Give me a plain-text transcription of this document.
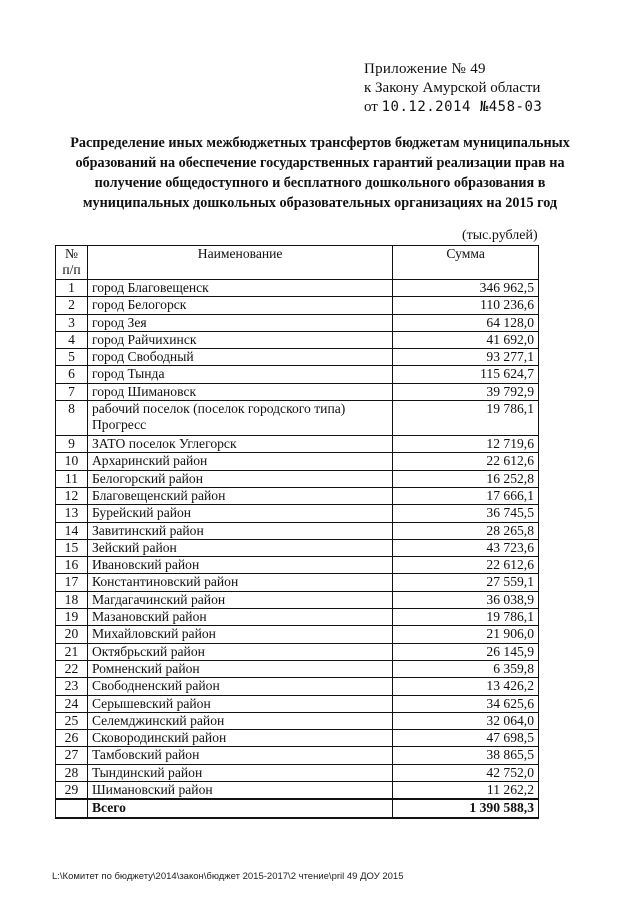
Приложение № 49
к Закону Амурской области
от 10.12.2014 №458-03
Распределение иных межбюджетных трансфертов бюджетам муниципальных образований на обеспечение государственных гарантий реализации прав на получение общедоступного и бесплатного дошкольного образования в муниципальных дошкольных образовательных организациях на 2015 год
(тыс.рублей)
№ п/п	Наименование	Сумма
1	город Благовещенск	346 962,5
2	город Белогорск	110 236,6
3	город Зея	64 128,0
4	город Райчихинск	41 692,0
5	город Свободный	93 277,1
6	город Тында	115 624,7
7	город Шимановск	39 792,9
8	рабочий поселок (поселок городского типа) Прогресс	19 786,1
9	ЗАТО поселок Углегорск	12 719,6
10	Архаринский район	22 612,6
11	Белогорский район	16 252,8
12	Благовещенский район	17 666,1
13	Бурейский район	36 745,5
14	Завитинский район	28 265,8
15	Зейский район	43 723,6
16	Ивановский район	22 612,6
17	Константиновский район	27 559,1
18	Магдагачинский район	36 038,9
19	Мазановский район	19 786,1
20	Михайловский район	21 906,0
21	Октябрьский район	26 145,9
22	Ромненский район	6 359,8
23	Свободненский район	13 426,2
24	Серышевский район	34 625,6
25	Селемджинский район	32 064,0
26	Сковородинский район	47 698,5
27	Тамбовский район	38 865,5
28	Тындинский район	42 752,0
29	Шимановский район	11 262,2
	Всего	1 390 588,3
L:\Комитет по бюджету\2014\закон\бюджет 2015-2017\2 чтение\pril 49 ДОУ 2015
